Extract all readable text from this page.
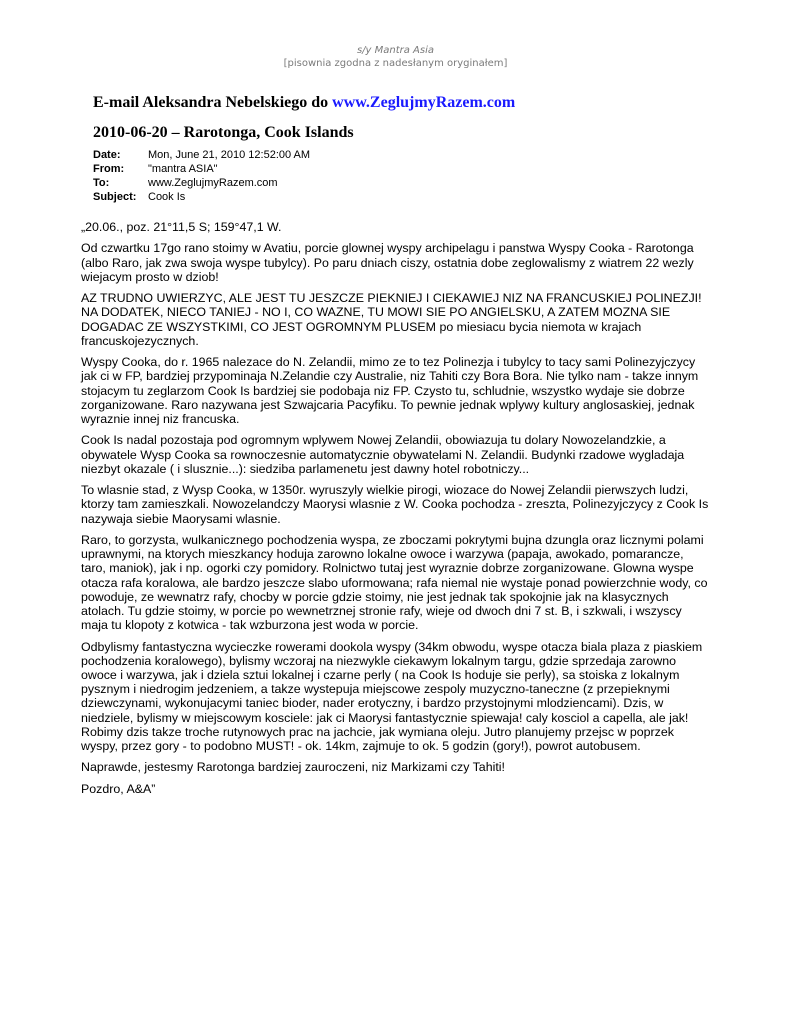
s/y Mantra Asia
[pisownia zgodna z nadesłanym oryginałem]
E-mail Aleksandra Nebelskiego do www.ZeglujmyRazem.com
2010-06-20 – Rarotonga, Cook Islands
Date:	Mon, June 21, 2010 12:52:00 AM
From:	"mantra ASIA"
To:	www.ZeglujmyRazem.com
Subject:	Cook Is

„20.06., poz. 21°11,5 S; 159°47,1 W.

Od czwartku 17go rano stoimy w Avatiu, porcie glownej wyspy archipelagu i panstwa Wyspy Cooka - Rarotonga (albo Raro, jak zwa swoja wyspe tubylcy). Po paru dniach ciszy, ostatnia dobe zeglowalismy z wiatrem 22 wezly wiejacym prosto w dziob!

AZ TRUDNO UWIERZYC, ALE JEST TU JESZCZE PIEKNIEJ I CIEKAWIEJ NIZ NA FRANCUSKIEJ POLINEZJI! NA DODATEK, NIECO TANIEJ - NO I, CO WAZNE, TU MOWI SIE PO ANGIELSKU, A ZATEM MOZNA SIE DOGADAC ZE WSZYSTKIMI, CO JEST OGROMNYM PLUSEM po miesiacu bycia niemota w krajach francuskojezycznych.

Wyspy Cooka, do r. 1965 nalezace do N. Zelandii, mimo ze to tez Polinezja i tubylcy to tacy sami Polinezyjczycy jak ci w FP, bardziej przypominaja N.Zelandie czy Australie, niz Tahiti czy Bora Bora. Nie tylko nam - takze innym stojacym tu zeglarzom Cook Is bardziej sie podobaja niz FP. Czysto tu, schludnie, wszystko wydaje sie dobrze zorganizowane. Raro nazywana jest Szwajcaria Pacyfiku. To pewnie jednak wplywy kultury anglosaskiej, jednak wyraznie innej niz francuska.

Cook Is nadal pozostaja pod ogromnym wplywem Nowej Zelandii, obowiazuja tu dolary Nowozelandzkie, a obywatele Wysp Cooka sa rownoczesnie automatycznie obywatelami N. Zelandii. Budynki rzadowe wygladaja niezbyt okazale ( i slusznie...): siedziba parlamenetu jest dawny hotel robotniczy...

To wlasnie stad, z Wysp Cooka, w 1350r. wyruszyly wielkie pirogi, wiozace do Nowej Zelandii pierwszych ludzi, ktorzy tam zamieszkali. Nowozelandczy Maorysi wlasnie z W. Cooka pochodza - zreszta, Polinezyjczycy z Cook Is nazywaja siebie Maorysami wlasnie.

Raro, to gorzysta, wulkanicznego pochodzenia wyspa, ze zboczami pokrytymi bujna dzungla oraz licznymi polami uprawnymi, na ktorych mieszkancy hoduja zarowno lokalne owoce i warzywa (papaja, awokado, pomarancze, taro, maniok), jak i np. ogorki czy pomidory. Rolnictwo tutaj jest wyraznie dobrze zorganizowane. Glowna wyspe otacza rafa koralowa, ale bardzo jeszcze slabo uformowana; rafa niemal nie wystaje ponad powierzchnie wody, co powoduje, ze wewnatrz rafy, chocby w porcie gdzie stoimy, nie jest jednak tak spokojnie jak na klasycznych atolach. Tu gdzie stoimy, w porcie po wewnetrznej stronie rafy, wieje od dwoch dni 7 st. B, i szkwali, i wszyscy maja tu klopoty z kotwica - tak wzburzona jest woda w porcie.

Odbylismy fantastyczna wycieczke rowerami dookola wyspy (34km obwodu, wyspe otacza biala plaza z piaskiem pochodzenia koralowego), bylismy wczoraj na niezwykle ciekawym lokalnym targu, gdzie sprzedaja zarowno owoce i warzywa, jak i dziela sztui lokalnej i czarne perly ( na Cook Is hoduje sie perly), sa stoiska z lokalnym pysznym i niedrogim jedzeniem, a takze wystepuja miejscowe zespoly muzyczno-taneczne (z przepieknymi dziewczynami, wykonujacymi taniec bioder, nader erotyczny, i bardzo przystojnymi mlodziencami). Dzis, w niedziele, bylismy w miejscowym kosciele: jak ci Maorysi fantastycznie spiewaja! caly kosciol a capella, ale jak! Robimy dzis takze troche rutynowych prac na jachcie, jak wymiana oleju. Jutro planujemy przejsc w poprzek wyspy, przez gory - to podobno MUST! - ok. 14km, zajmuje to ok. 5 godzin (gory!), powrot autobusem.

Naprawde, jestesmy Rarotonga bardziej zauroczeni, niz Markizami czy Tahiti!

Pozdro, A&A”
